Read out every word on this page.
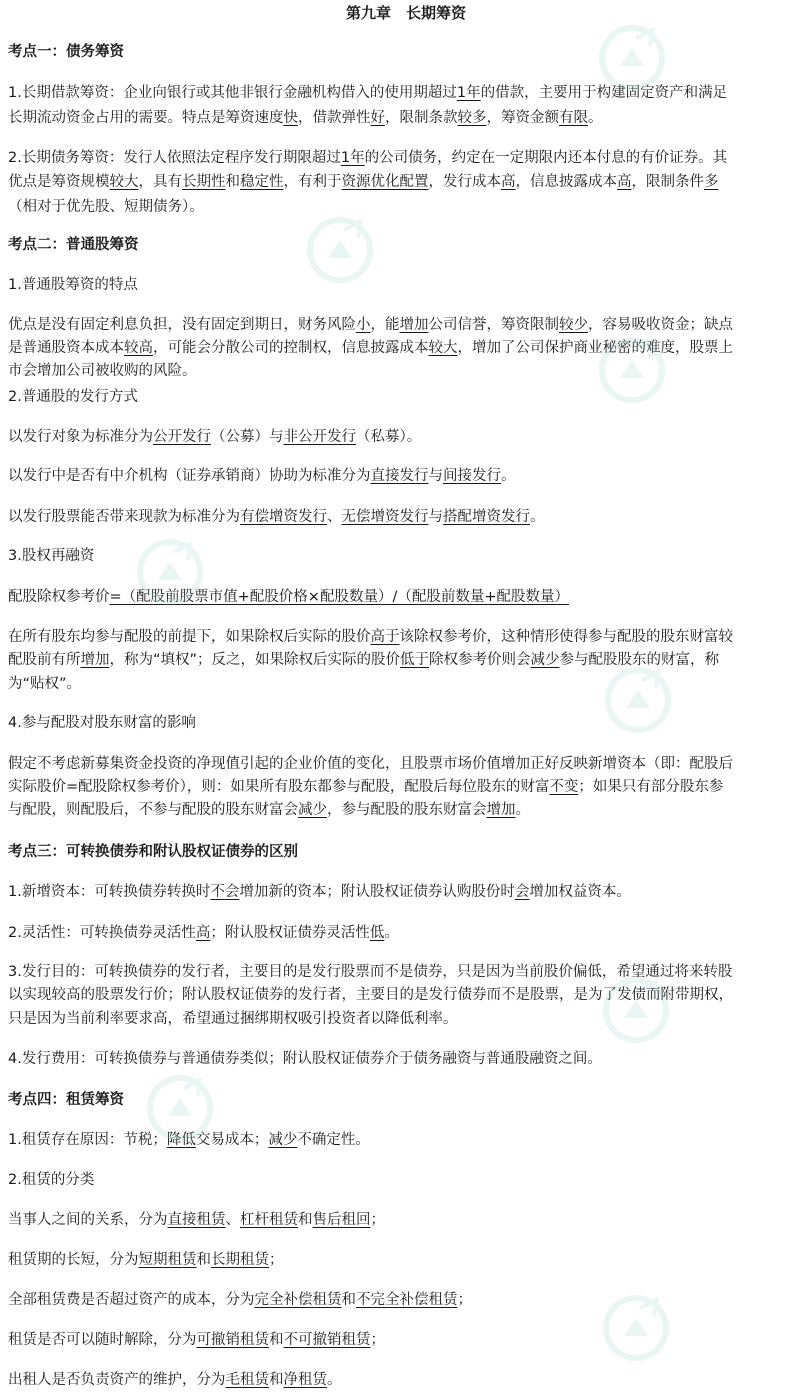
第九章　长期筹资
考点一：债务筹资
1.长期借款筹资：企业向银行或其他非银行金融机构借入的使用期超过1年的借款，主要用于构建固定资产和满足
长期流动资金占用的需要。特点是筹资速度快，借款弹性好，限制条款较多，筹资金额有限。
2.长期债务筹资：发行人依照法定程序发行期限超过1年的公司债务，约定在一定期限内还本付息的有价证券。其
优点是筹资规模较大，具有长期性和稳定性，有利于资源优化配置，发行成本高，信息披露成本高，限制条件多
（相对于优先股、短期债务）。
考点二：普通股筹资
1.普通股筹资的特点
优点是没有固定利息负担，没有固定到期日，财务风险小，能增加公司信誉，筹资限制较少，容易吸收资金；缺点
是普通股资本成本较高，可能会分散公司的控制权，信息披露成本较大，增加了公司保护商业秘密的难度，股票上
市会增加公司被收购的风险。
2.普通股的发行方式
以发行对象为标准分为公开发行（公募）与非公开发行（私募）。
以发行中是否有中介机构（证券承销商）协助为标准分为直接发行与间接发行。
以发行股票能否带来现款为标准分为有偿增资发行、无偿增资发行与搭配增资发行。
3.股权再融资
配股除权参考价=（配股前股票市值+配股价格×配股数量）/（配股前数量+配股数量）
在所有股东均参与配股的前提下，如果除权后实际的股价高于该除权参考价，这种情形使得参与配股的股东财富较
配股前有所增加，称为“填权”；反之，如果除权后实际的股价低于除权参考价则会减少参与配股股东的财富，称
为“贴权”。
4.参与配股对股东财富的影响
假定不考虑新募集资金投资的净现值引起的企业价值的变化，且股票市场价值增加正好反映新增资本（即：配股后
实际股价=配股除权参考价），则：如果所有股东都参与配股，配股后每位股东的财富不变；如果只有部分股东参
与配股，则配股后，不参与配股的股东财富会减少，参与配股的股东财富会增加。
考点三：可转换债券和附认股权证债券的区别
1.新增资本：可转换债券转换时不会增加新的资本；附认股权证债券认购股份时会增加权益资本。
2.灵活性：可转换债券灵活性高；附认股权证债券灵活性低。
3.发行目的：可转换债券的发行者，主要目的是发行股票而不是债券，只是因为当前股价偏低，希望通过将来转股
以实现较高的股票发行价；附认股权证债券的发行者，主要目的是发行债券而不是股票，是为了发债而附带期权，
只是因为当前利率要求高，希望通过捆绑期权吸引投资者以降低利率。
4.发行费用：可转换债券与普通债券类似；附认股权证债券介于债务融资与普通股融资之间。
考点四：租赁筹资
1.租赁存在原因：节税；降低交易成本；减少不确定性。
2.租赁的分类
当事人之间的关系，分为直接租赁、杠杆租赁和售后租回；
租赁期的长短，分为短期租赁和长期租赁；
全部租赁费是否超过资产的成本，分为完全补偿租赁和不完全补偿租赁；
租赁是否可以随时解除，分为可撤销租赁和不可撤销租赁；
出租人是否负责资产的维护，分为毛租赁和净租赁。
